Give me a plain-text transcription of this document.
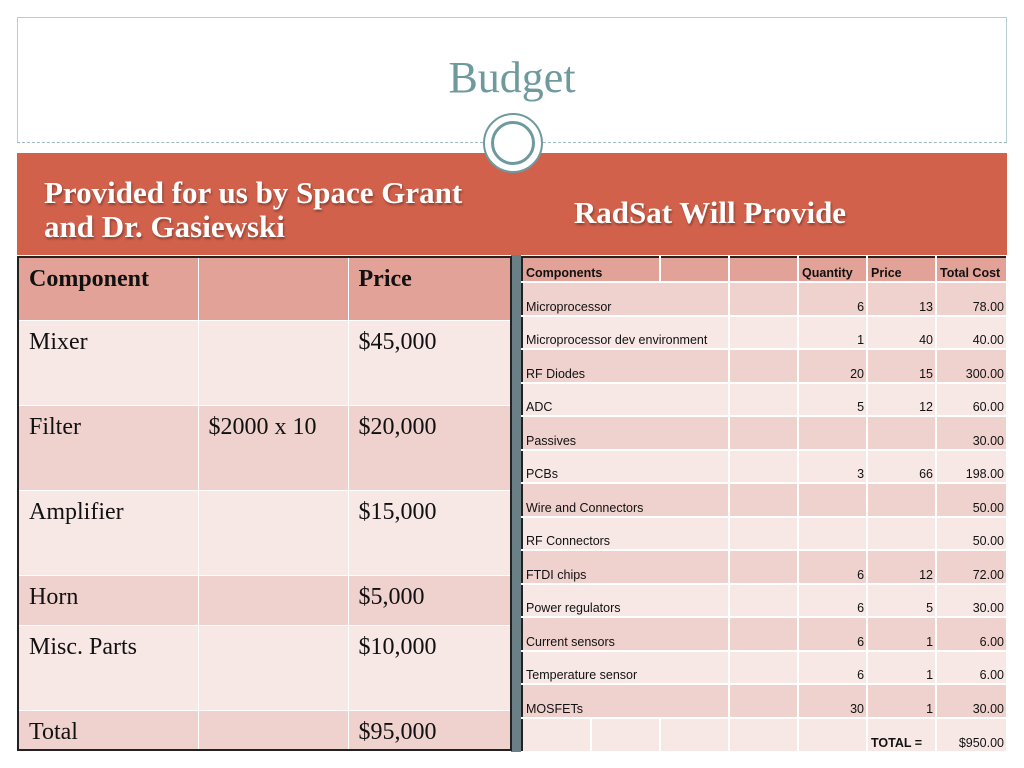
Budget
Provided for us by Space Grant and Dr. Gasiewski	RadSat Will Provide
Component		Price
Mixer		$45,000
Filter	$2000 x 10	$20,000
Amplifier		$15,000
Horn		$5,000
Misc. Parts		$10,000
Total		$95,000
Components				Quantity	Price	Total Cost
Microprocessor				6	13	78.00
Microprocessor dev environment				1	40	40.00
RF Diodes				20	15	300.00
ADC				5	12	60.00
Passives						30.00
PCBs				3	66	198.00
Wire and Connectors						50.00
RF Connectors						50.00
FTDI chips				6	12	72.00
Power regulators				6	5	30.00
Current sensors				6	1	6.00
Temperature sensor				6	1	6.00
MOSFETs				30	1	30.00
					TOTAL =	$950.00
